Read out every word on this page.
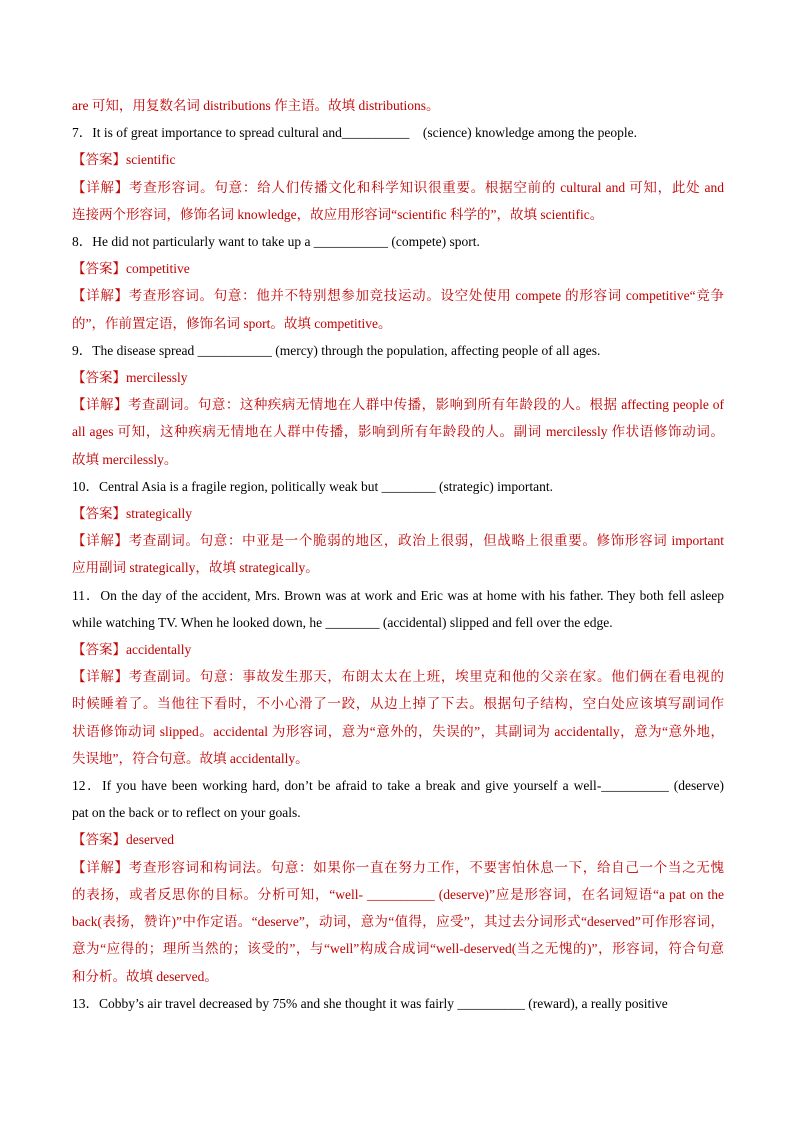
are 可知，用复数名词 distributions 作主语。故填 distributions。
7．It is of great importance to spread cultural and__________　(science) knowledge among the people.
【答案】scientific
【详解】考查形容词。句意：给人们传播文化和科学知识很重要。根据空前的 cultural and 可知，此处 and
连接两个形容词，修饰名词 knowledge，故应用形容词“scientific 科学的”，故填 scientific。
8．He did not particularly want to take up a ___________ (compete) sport.
【答案】competitive
【详解】考查形容词。句意：他并不特别想参加竞技运动。设空处使用 compete 的形容词 competitive“竞争
的”，作前置定语，修饰名词 sport。故填 competitive。
9．The disease spread ___________ (mercy) through the population, affecting people of all ages.
【答案】mercilessly
【详解】考查副词。句意：这种疾病无情地在人群中传播，影响到所有年龄段的人。根据 affecting people of
all ages 可知，这种疾病无情地在人群中传播，影响到所有年龄段的人。副词 mercilessly 作状语修饰动词。
故填 mercilessly。
10．Central Asia is a fragile region, politically weak but ________ (strategic) important.
【答案】strategically
【详解】考查副词。句意：中亚是一个脆弱的地区，政治上很弱，但战略上很重要。修饰形容词 important
应用副词 strategically，故填 strategically。
11．On the day of the accident, Mrs. Brown was at work and Eric was at home with his father. They both fell asleep
while watching TV. When he looked down, he ________ (accidental) slipped and fell over the edge.
【答案】accidentally
【详解】考查副词。句意：事故发生那天，布朗太太在上班，埃里克和他的父亲在家。他们俩在看电视的
时候睡着了。当他往下看时，不小心滑了一跤，从边上掉了下去。根据句子结构，空白处应该填写副词作
状语修饰动词 slipped。accidental 为形容词，意为“意外的，失误的”，其副词为 accidentally，意为“意外地，
失误地”，符合句意。故填 accidentally。
12．If you have been working hard, don’t be afraid to take a break and give yourself a well-__________ (deserve)
pat on the back or to reflect on your goals.
【答案】deserved
【详解】考查形容词和构词法。句意：如果你一直在努力工作，不要害怕休息一下，给自己一个当之无愧
的表扬，或者反思你的目标。分析可知，“well- __________ (deserve)”应是形容词，在名词短语“a pat on the
back(表扬，赞许)”中作定语。“deserve”，动词，意为“值得，应受”，其过去分词形式“deserved”可作形容词，
意为“应得的；理所当然的；该受的”，与“well”构成合成词“well-deserved(当之无愧的)”，形容词，符合句意
和分析。故填 deserved。
13．Cobby’s air travel decreased by 75% and she thought it was fairly __________ (reward), a really positive
